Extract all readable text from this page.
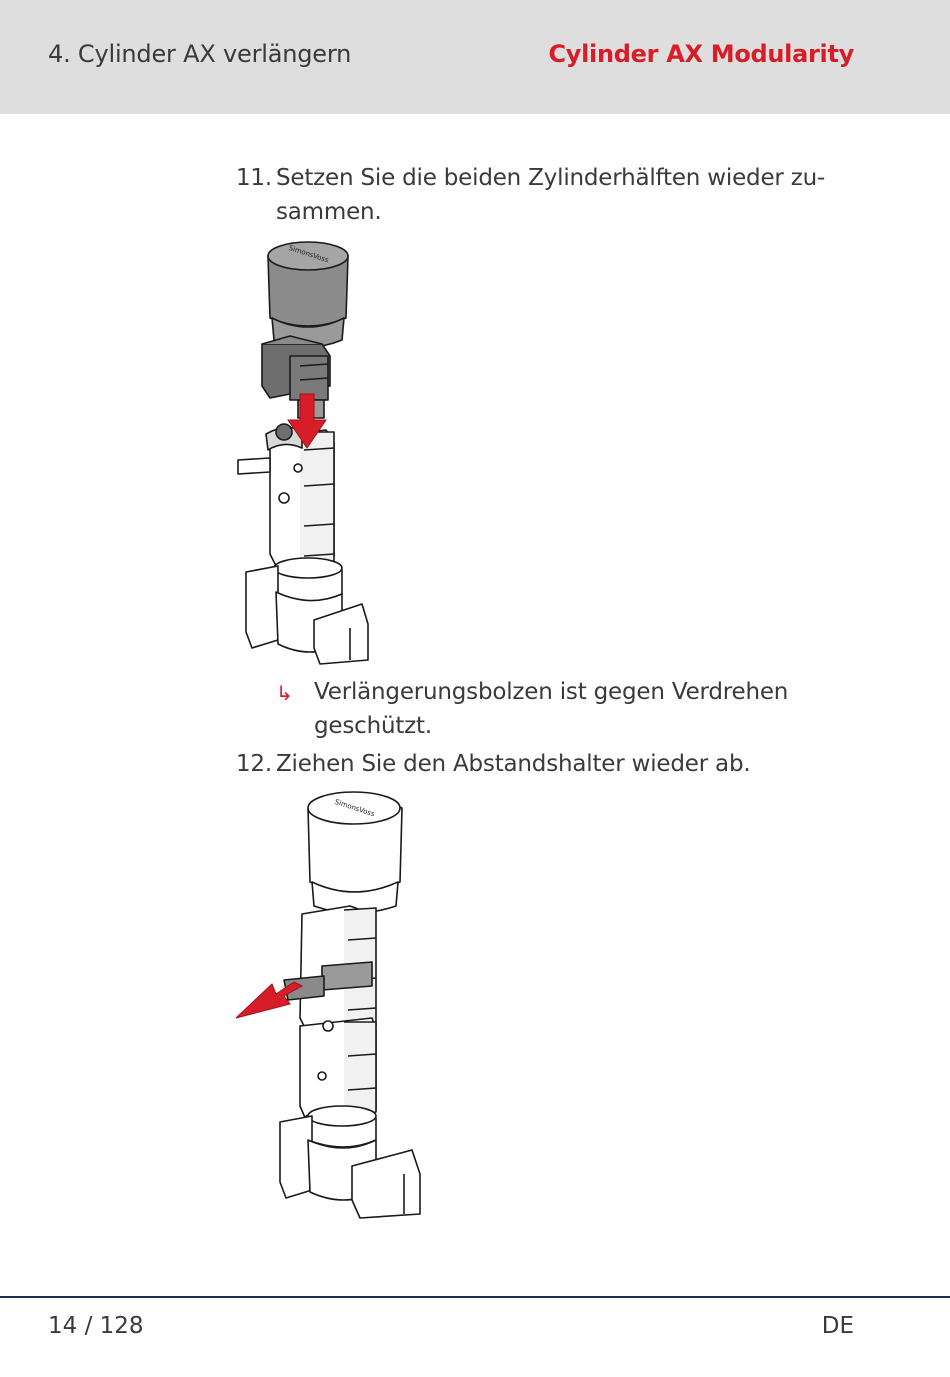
4. Cylinder AX verlängern	Cylinder AX Modularity
11. Setzen Sie die beiden Zylinderhälften wieder zu-sammen.
SimonsVoss
↳ Verlängerungsbolzen ist gegen Verdrehen geschützt.
12. Ziehen Sie den Abstandshalter wieder ab.
SimonsVoss
14 / 128	DE
